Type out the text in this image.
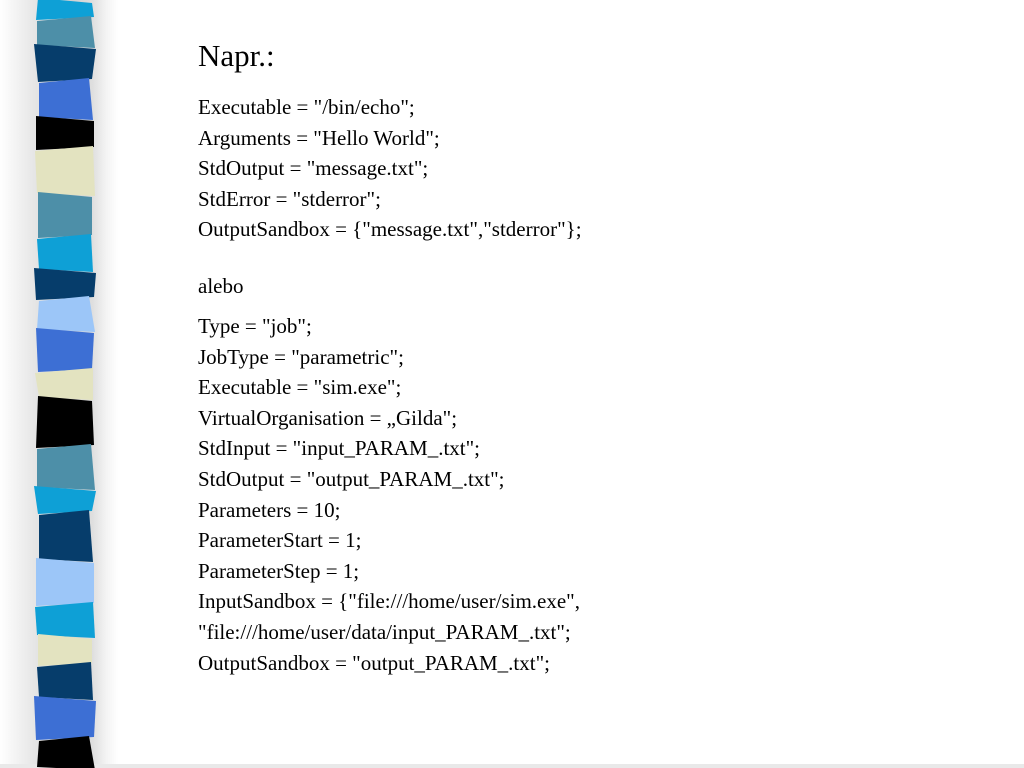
Napr.:
Executable = "/bin/echo";
Arguments = "Hello World";
StdOutput = "message.txt";
StdError = "stderror";
OutputSandbox = {"message.txt","stderror"};
alebo
Type = "job";
JobType = "parametric";
Executable = "sim.exe";
VirtualOrganisation = „Gilda";
StdInput = "input_PARAM_.txt";
StdOutput = "output_PARAM_.txt";
Parameters = 10;
ParameterStart = 1;
ParameterStep = 1;
InputSandbox = {"file:///home/user/sim.exe",
"file:///home/user/data/input_PARAM_.txt";
OutputSandbox = "output_PARAM_.txt";
